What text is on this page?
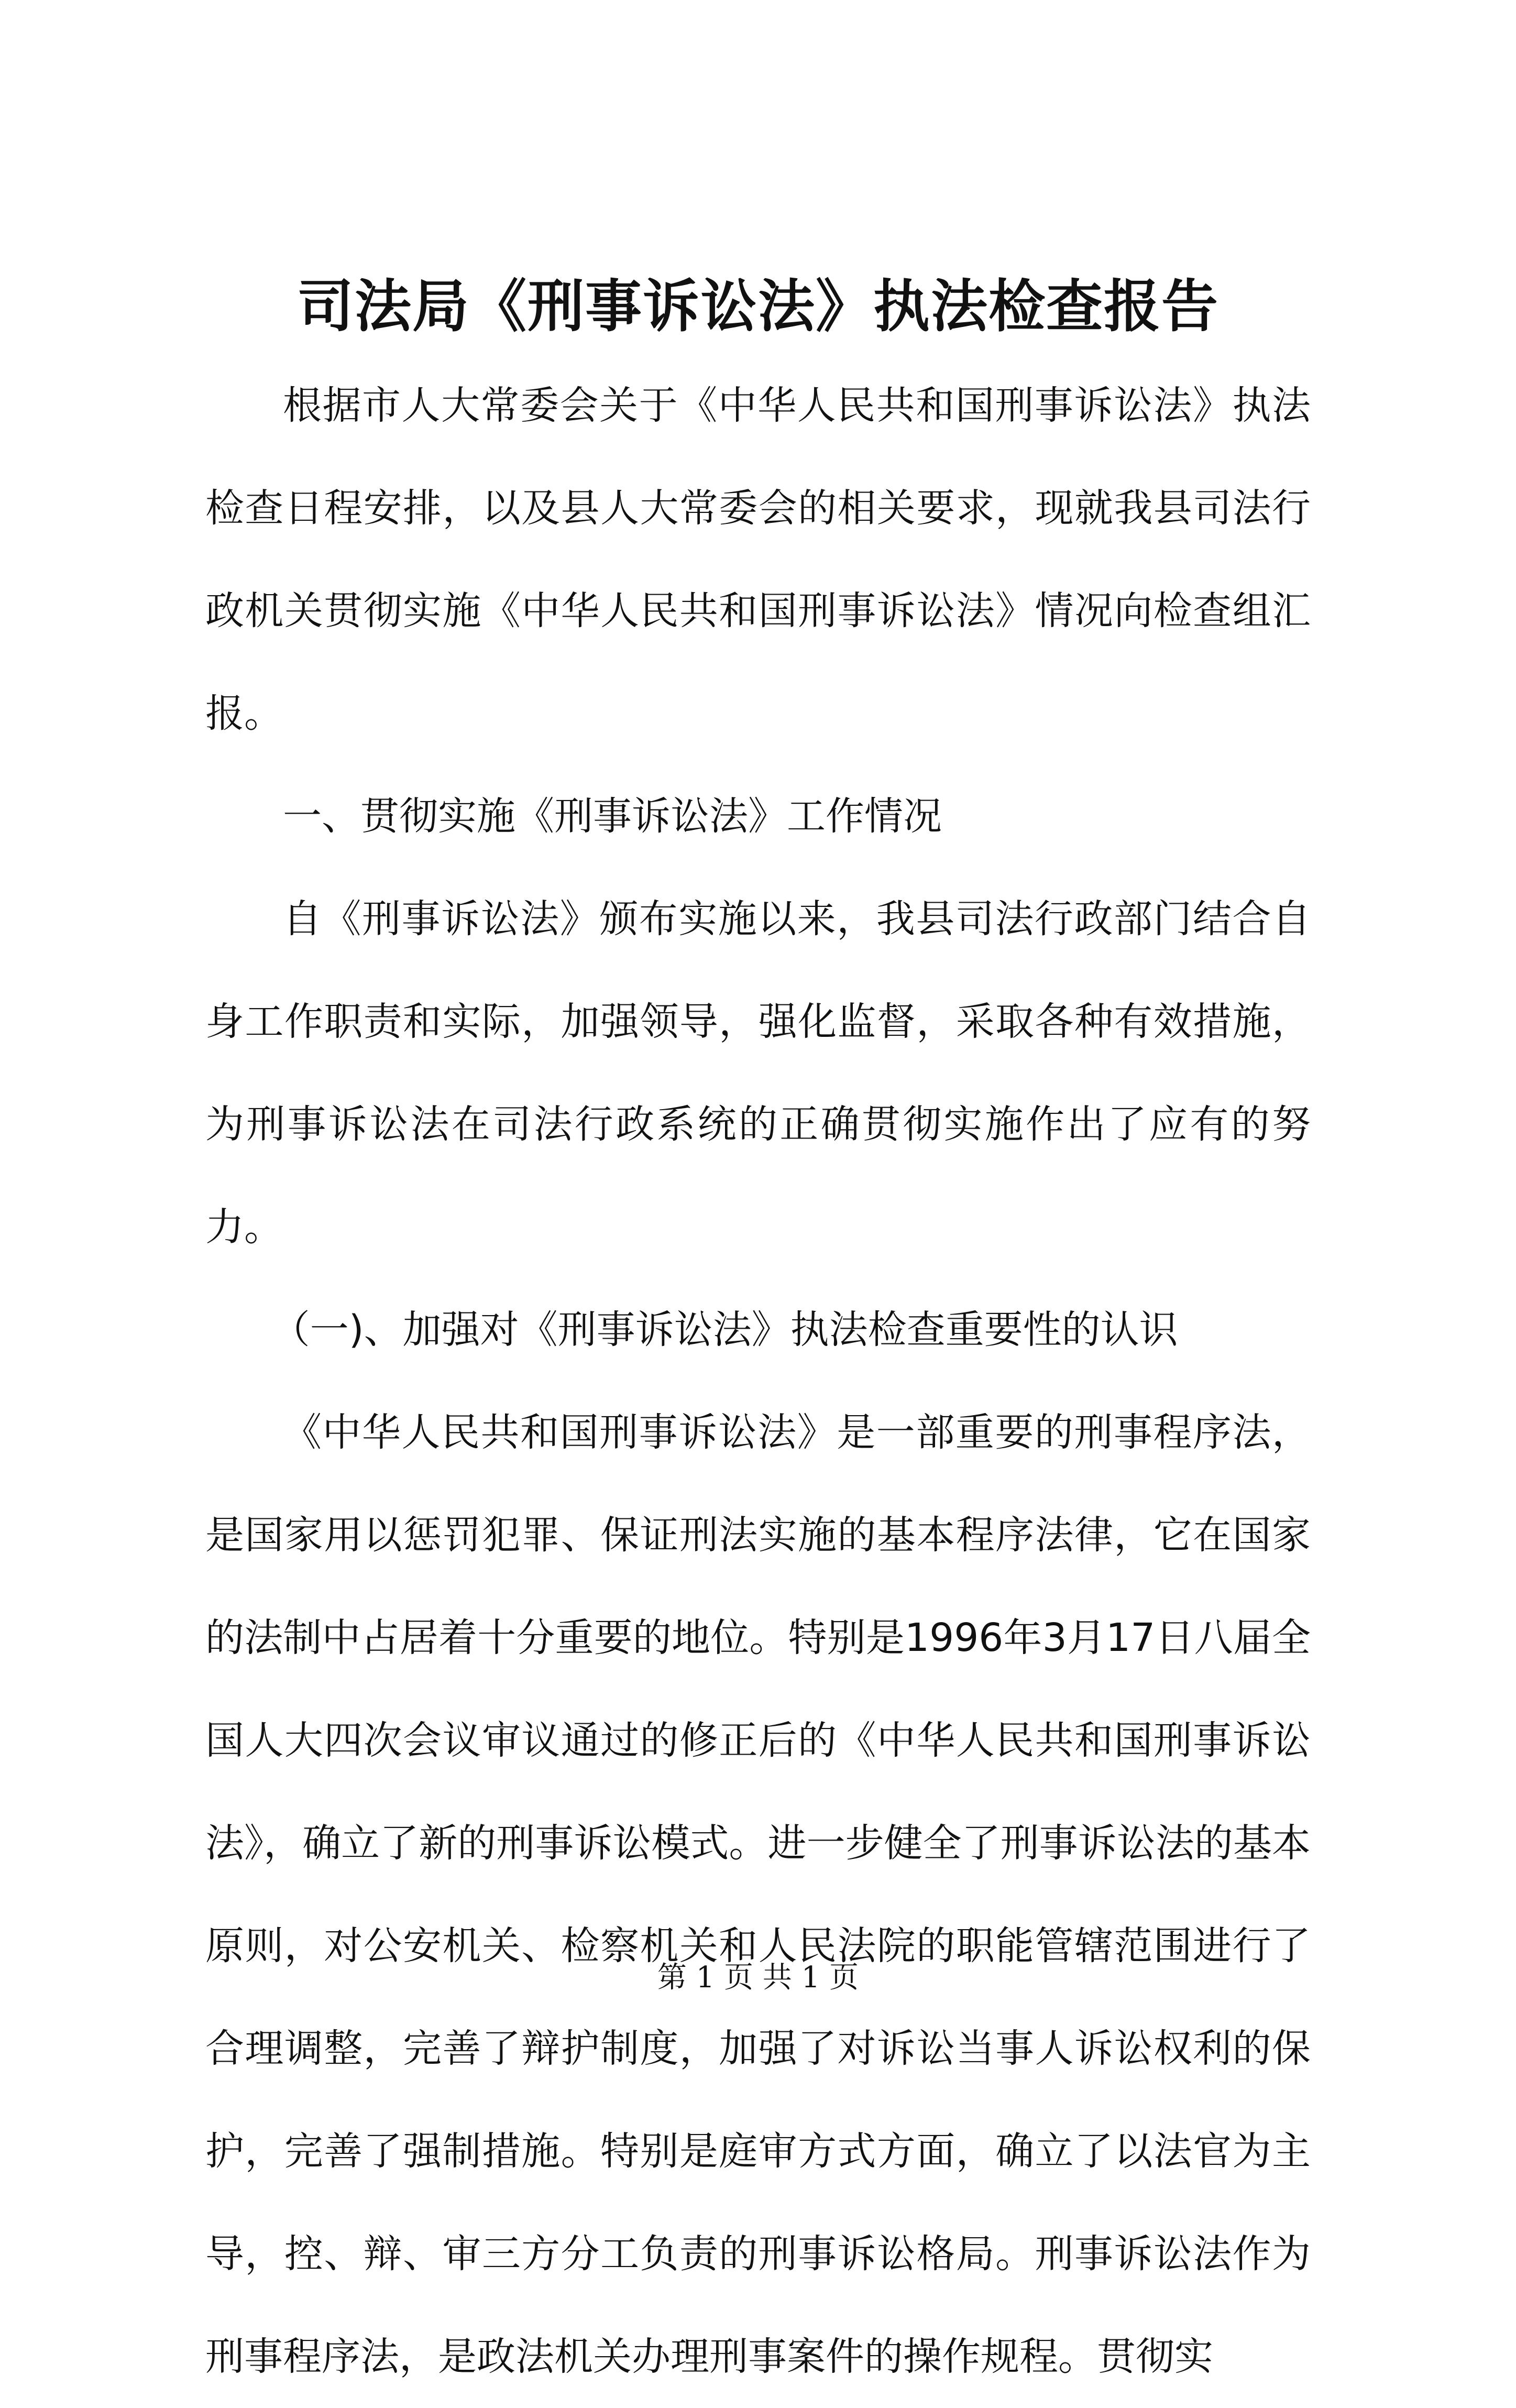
司法局《刑事诉讼法》执法检查报告

根据市人大常委会关于《中华人民共和国刑事诉讼法》执法检查日程安排，以及县人大常委会的相关要求，现就我县司法行政机关贯彻实施《中华人民共和国刑事诉讼法》情况向检查组汇报。

一、贯彻实施《刑事诉讼法》工作情况

自《刑事诉讼法》颁布实施以来，我县司法行政部门结合自身工作职责和实际，加强领导，强化监督，采取各种有效措施，为刑事诉讼法在司法行政系统的正确贯彻实施作出了应有的努力。

（一)、加强对《刑事诉讼法》执法检查重要性的认识

《中华人民共和国刑事诉讼法》是一部重要的刑事程序法，是国家用以惩罚犯罪、保证刑法实施的基本程序法律，它在国家的法制中占居着十分重要的地位。特别是1996年3月17日八届全国人大四次会议审议通过的修正后的《中华人民共和国刑事诉讼法》，确立了新的刑事诉讼模式。进一步健全了刑事诉讼法的基本原则，对公安机关、检察机关和人民法院的职能管辖范围进行了合理调整，完善了辩护制度，加强了对诉讼当事人诉讼权利的保护，完善了强制措施。特别是庭审方式方面，确立了以法官为主导，控、辩、审三方分工负责的刑事诉讼格局。刑事诉讼法作为刑事程序法，是政法机关办理刑事案件的操作规程。贯彻实

第 1 页 共 1 页
